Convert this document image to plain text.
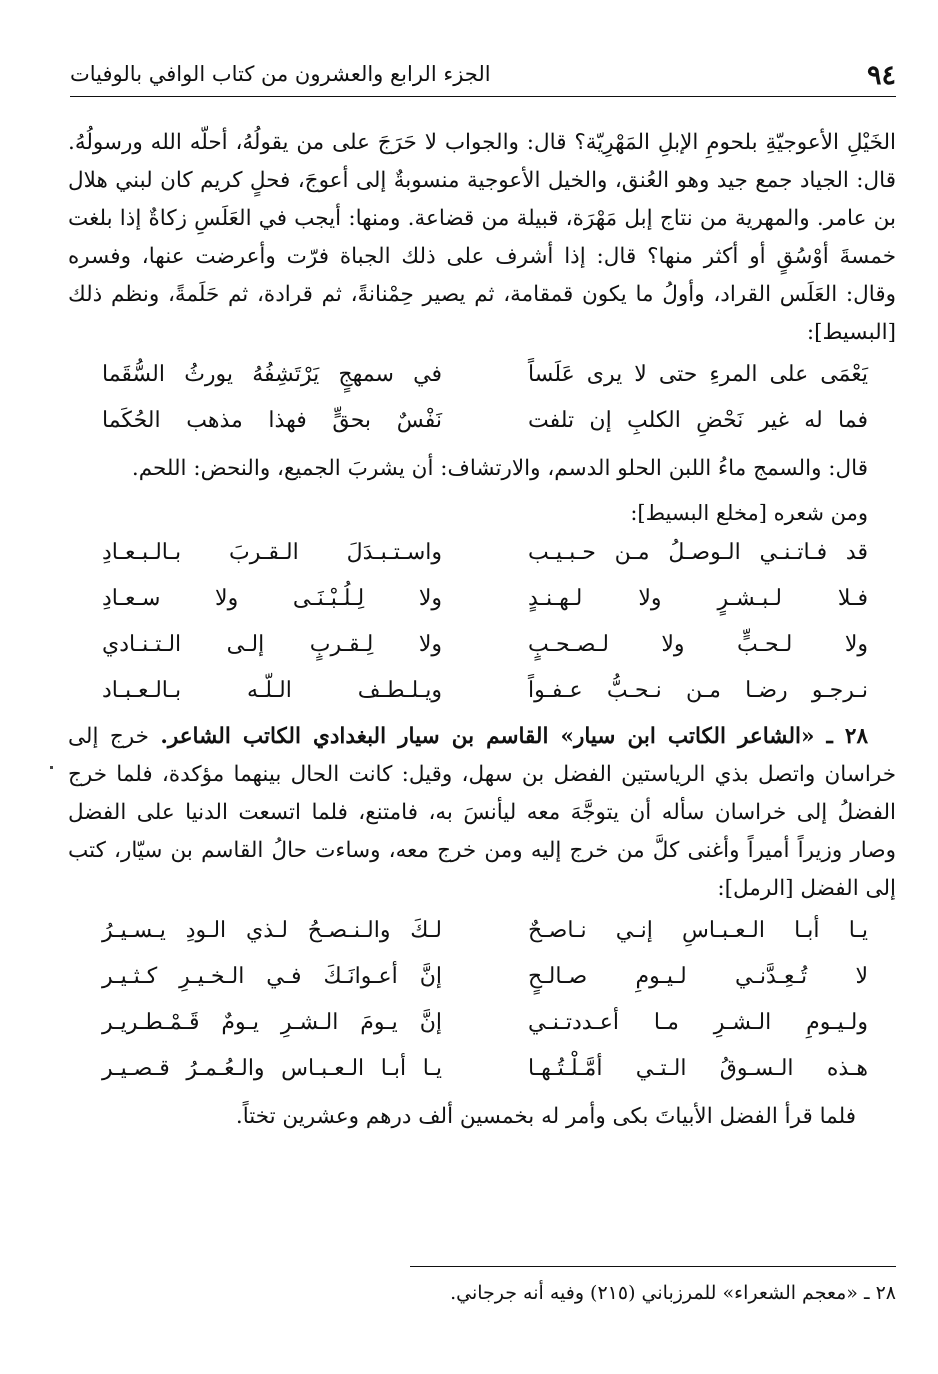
٩٤
الجزء الرابع والعشرون من كتاب الوافي بالوفيات

الخَيْلِ الأعوجيّةِ بلحومِ الإبلِ المَهْرِيّة؟ قال: والجواب لا حَرَجَ على من يقولُهُ، أحلّه الله ورسولُهُ. قال: الجياد جمع جيد وهو العُنق، والخيل الأعوجية منسوبةٌ إلى أعوجَ، فحلٍ كريم كان لبني هلال بن عامر. والمهرية من نتاج إبل مَهْرَة، قبيلة من قضاعة. ومنها: أيجب في العَلَسِ زكاةٌ إذا بلغت خمسةَ أوْسُقٍ أو أكثر منها؟ قال: إذا أشرف على ذلك الجباة فرّت وأعرضت عنها، وفسره وقال: العَلَس القراد، وأولُ ما يكون قمقامة، ثم يصير حِمْنانةً، ثم قرادة، ثم حَلَمةً، ونظم ذلك [البسيط]:

يَعْمَى على المرءِ حتى لا يرى عَلَساً
في سمهجٍ يَرْتَشِفُهُ يورثُ السُّقَما
فما له غير نَحْضِ الكلبِ إن تلفت
نَفْسٌ بحقٍّ فهذا مذهب الحُكَما

قال: والسمج ماءُ اللبن الحلو الدسم، والارتشاف: أن يشربَ الجميع، والنحض: اللحم.

ومن شعره [مخلع البسيط]:

قد فـاتـنـي الـوصـلُ مـن حـبـيـب
واسـتـبـدَلَ الـقـربَ بـالـبـعـادِ
فـلا لـبـشـرٍ ولا لـهـنـدٍ
ولا لِـلُـبْـنَـى ولا سـعـادِ
ولا لـحـبٍّ ولا لـصـحـبٍ
ولا لِـقـربٍ إلـى الـتـنـادي
نـرجـو رضـا مـن نـحـبُّ عـفـواً
ويـلـطـف الـلّـه بـالـعـبـاد

٢٨ ـ «الشاعر الكاتب ابن سيار» القاسم بن سيار البغدادي الكاتب الشاعر. خرج إلى خراسان واتصل بذي الرياستين الفضل بن سهل، وقيل: كانت الحال بينهما مؤكدة، فلما خرج الفضلُ إلى خراسان سأله أن يتوجَّهَ معه ليأنسَ به، فامتنع، فلما اتسعت الدنيا على الفضل وصار وزيراً أميراً وأغنى كلَّ من خرج إليه ومن خرج معه، وساءت حالُ القاسم بن سيّار، كتب إلى الفضل [الرمل]:

يـا أبـا الـعـبـاسِ إنـي نـاصـحٌ
لـكَ والـنـصـحُ لـذي الـودِ يـسـيـرُ
لا تُـعِـدَّنـي لـيـومِ صـالـحٍ
إنَّ أعـوانَـكَ فـي الـخـيـرِ كـثـيـر
ولـيـومِ الـشـرِ مـا أعـددتـنـي
إنَّ يـومَ الـشـرِ يـومٌ قَـمْـطـريـر
هـذه الـسـوقُ الـتـي أمَّـلْـتُـهـا
يـا أبـا الـعـبـاس والـعُـمـرُ قـصـيـر

فلما قرأ الفضل الأبياتَ بكى وأمر له بخمسين ألف درهم وعشرين تختاً.

٢٨ ـ «معجم الشعراء» للمرزباني (٢١٥) وفيه أنه جرجاني.
